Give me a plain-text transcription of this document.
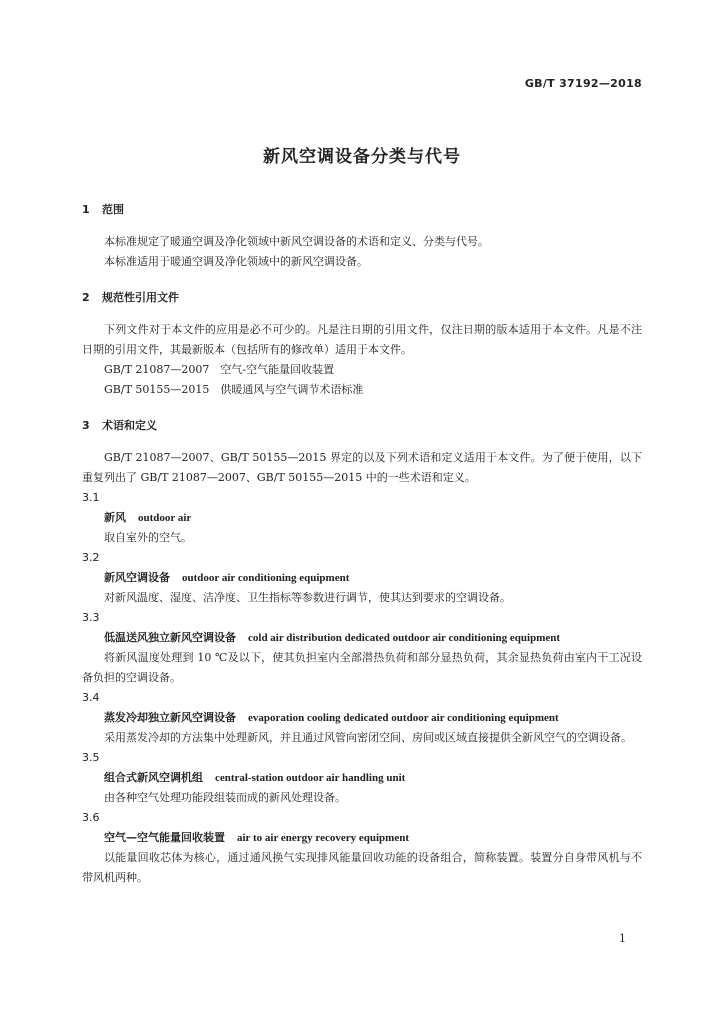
GB/T 37192—2018
新风空调设备分类与代号

1 范围

本标准规定了暖通空调及净化领域中新风空调设备的术语和定义、分类与代号。

本标准适用于暖通空调及净化领域中的新风空调设备。

2 规范性引用文件

下列文件对于本文件的应用是必不可少的。凡是注日期的引用文件，仅注日期的版本适用于本文件。凡是不注日期的引用文件，其最新版本（包括所有的修改单）适用于本文件。

GB/T 21087—2007　空气-空气能量回收装置

GB/T 50155—2015　供暖通风与空气调节术语标准

3 术语和定义

GB/T 21087—2007、GB/T 50155—2015 界定的以及下列术语和定义适用于本文件。为了便于使用，以下重复列出了 GB/T 21087—2007、GB/T 50155—2015 中的一些术语和定义。

3.1

新风 outdoor air

取自室外的空气。

3.2

新风空调设备 outdoor air conditioning equipment

对新风温度、湿度、洁净度、卫生指标等参数进行调节，使其达到要求的空调设备。

3.3

低温送风独立新风空调设备 cold air distribution dedicated outdoor air conditioning equipment

将新风温度处理到 10 ℃及以下，使其负担室内全部潜热负荷和部分显热负荷，其余显热负荷由室内干工况设备负担的空调设备。

3.4

蒸发冷却独立新风空调设备 evaporation cooling dedicated outdoor air conditioning equipment

采用蒸发冷却的方法集中处理新风，并且通过风管向密闭空间、房间或区域直接提供全新风空气的空调设备。

3.5

组合式新风空调机组 central-station outdoor air handling unit

由各种空气处理功能段组装而成的新风处理设备。

3.6

空气—空气能量回收装置 air to air energy recovery equipment

以能量回收芯体为核心，通过通风换气实现排风能量回收功能的设备组合，简称装置。装置分自身带风机与不带风机两种。

1
